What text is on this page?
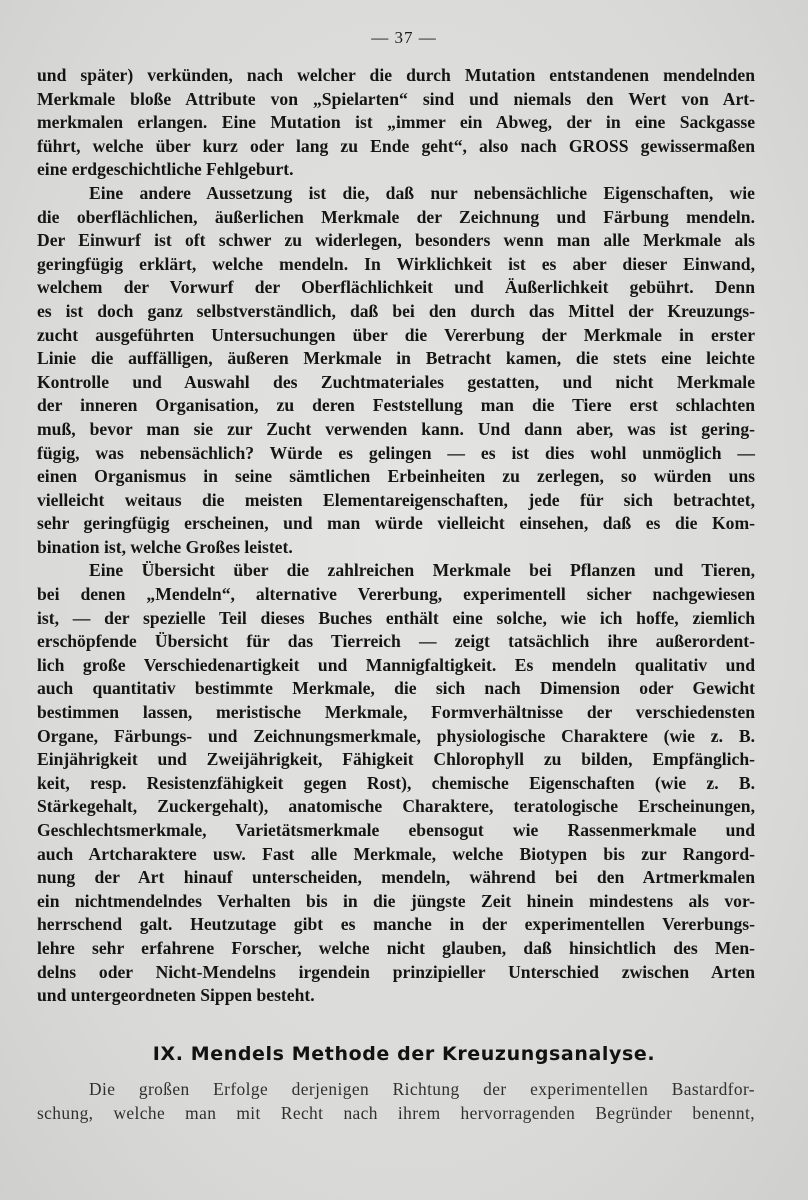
— 37 —
und später) verkünden, nach welcher die durch Mutation entstandenen mendelnden
Merkmale bloße Attribute von „Spielarten“ sind und niemals den Wert von Art-
merkmalen erlangen. Eine Mutation ist „immer ein Abweg, der in eine Sackgasse
führt, welche über kurz oder lang zu Ende geht“, also nach GROSS gewissermaßen
eine erdgeschichtliche Fehlgeburt.
Eine andere Aussetzung ist die, daß nur nebensächliche Eigenschaften, wie
die oberflächlichen, äußerlichen Merkmale der Zeichnung und Färbung mendeln.
Der Einwurf ist oft schwer zu widerlegen, besonders wenn man alle Merkmale als
geringfügig erklärt, welche mendeln. In Wirklichkeit ist es aber dieser Einwand,
welchem der Vorwurf der Oberflächlichkeit und Äußerlichkeit gebührt. Denn
es ist doch ganz selbstverständlich, daß bei den durch das Mittel der Kreuzungs-
zucht ausgeführten Untersuchungen über die Vererbung der Merkmale in erster
Linie die auffälligen, äußeren Merkmale in Betracht kamen, die stets eine leichte
Kontrolle und Auswahl des Zuchtmateriales gestatten, und nicht Merkmale
der inneren Organisation, zu deren Feststellung man die Tiere erst schlachten
muß, bevor man sie zur Zucht verwenden kann. Und dann aber, was ist gering-
fügig, was nebensächlich? Würde es gelingen — es ist dies wohl unmöglich —
einen Organismus in seine sämtlichen Erbeinheiten zu zerlegen, so würden uns
vielleicht weitaus die meisten Elementareigenschaften, jede für sich betrachtet,
sehr geringfügig erscheinen, und man würde vielleicht einsehen, daß es die Kom-
bination ist, welche Großes leistet.
Eine Übersicht über die zahlreichen Merkmale bei Pflanzen und Tieren,
bei denen „Mendeln“, alternative Vererbung, experimentell sicher nachgewiesen
ist, — der spezielle Teil dieses Buches enthält eine solche, wie ich hoffe, ziemlich
erschöpfende Übersicht für das Tierreich — zeigt tatsächlich ihre außerordent-
lich große Verschiedenartigkeit und Mannigfaltigkeit. Es mendeln qualitativ und
auch quantitativ bestimmte Merkmale, die sich nach Dimension oder Gewicht
bestimmen lassen, meristische Merkmale, Formverhältnisse der verschiedensten
Organe, Färbungs- und Zeichnungsmerkmale, physiologische Charaktere (wie z. B.
Einjährigkeit und Zweijährigkeit, Fähigkeit Chlorophyll zu bilden, Empfänglich-
keit, resp. Resistenzfähigkeit gegen Rost), chemische Eigenschaften (wie z. B.
Stärkegehalt, Zuckergehalt), anatomische Charaktere, teratologische Erscheinungen,
Geschlechtsmerkmale, Varietätsmerkmale ebensogut wie Rassenmerkmale und
auch Artcharaktere usw. Fast alle Merkmale, welche Biotypen bis zur Rangord-
nung der Art hinauf unterscheiden, mendeln, während bei den Artmerkmalen
ein nichtmendelndes Verhalten bis in die jüngste Zeit hinein mindestens als vor-
herrschend galt. Heutzutage gibt es manche in der experimentellen Vererbungs-
lehre sehr erfahrene Forscher, welche nicht glauben, daß hinsichtlich des Men-
delns oder Nicht-Mendelns irgendein prinzipieller Unterschied zwischen Arten
und untergeordneten Sippen besteht.
IX. Mendels Methode der Kreuzungsanalyse.
Die großen Erfolge derjenigen Richtung der experimentellen Bastardfor-
schung, welche man mit Recht nach ihrem hervorragenden Begründer benennt,
